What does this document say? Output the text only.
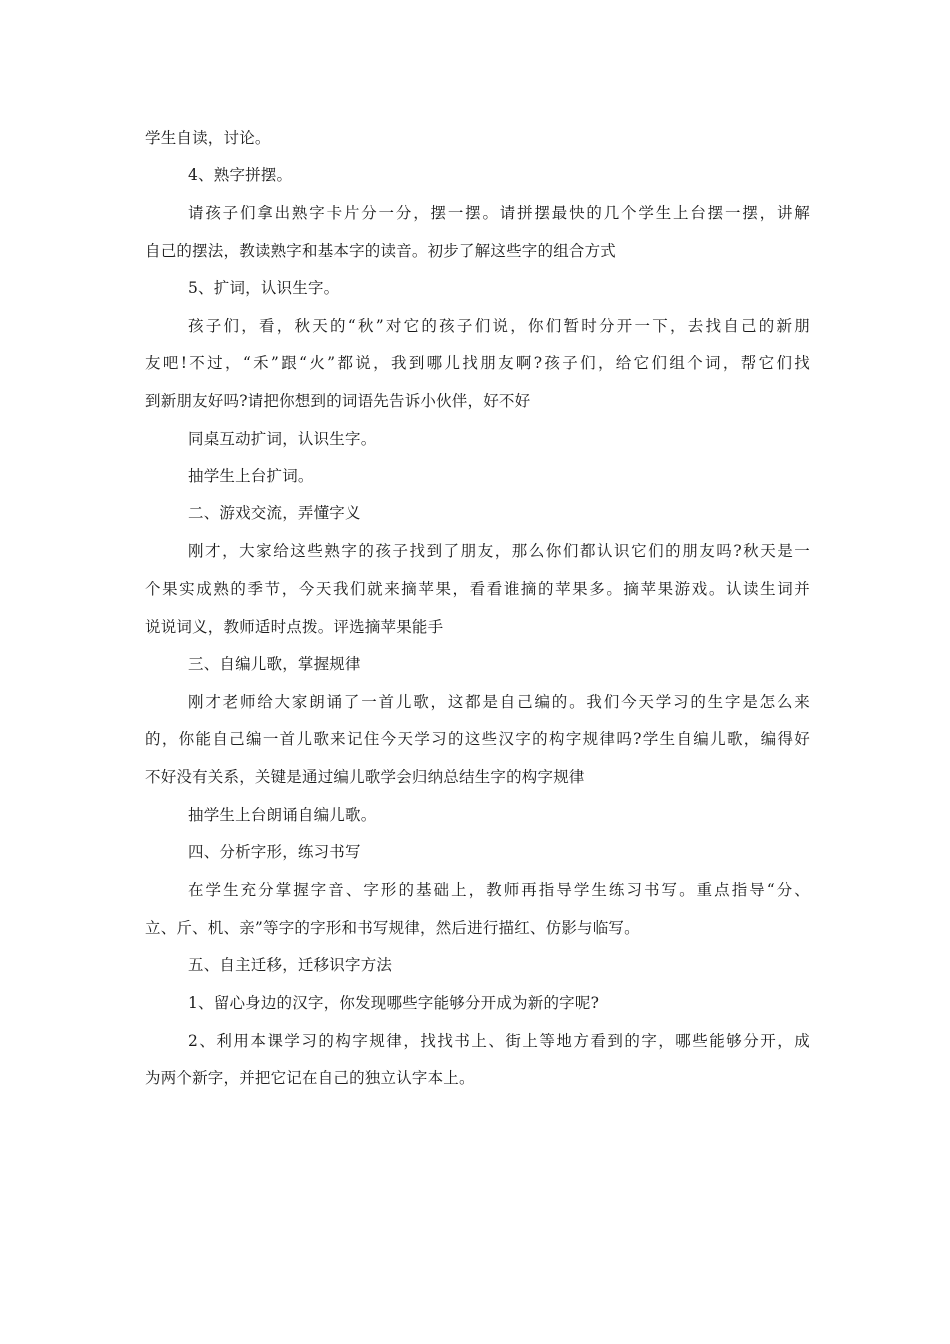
学生自读，讨论。
4、熟字拼摆。
请孩子们拿出熟字卡片分一分，摆一摆。请拼摆最快的几个学生上台摆一摆，讲解
自己的摆法，教读熟字和基本字的读音。初步了解这些字的组合方式
5、扩词，认识生字。
孩子们，看，秋天的“秋”对它的孩子们说，你们暂时分开一下，去找自己的新朋
友吧!不过，“禾”跟“火”都说，我到哪儿找朋友啊?孩子们，给它们组个词，帮它们找
到新朋友好吗?请把你想到的词语先告诉小伙伴，好不好
同桌互动扩词，认识生字。
抽学生上台扩词。
二、游戏交流，弄懂字义
刚才，大家给这些熟字的孩子找到了朋友，那么你们都认识它们的朋友吗?秋天是一
个果实成熟的季节，今天我们就来摘苹果，看看谁摘的苹果多。摘苹果游戏。认读生词并
说说词义，教师适时点拨。评选摘苹果能手
三、自编儿歌，掌握规律
刚才老师给大家朗诵了一首儿歌，这都是自己编的。我们今天学习的生字是怎么来
的，你能自己编一首儿歌来记住今天学习的这些汉字的构字规律吗?学生自编儿歌，编得好
不好没有关系，关键是通过编儿歌学会归纳总结生字的构字规律
抽学生上台朗诵自编儿歌。
四、分析字形，练习书写
在学生充分掌握字音、字形的基础上，教师再指导学生练习书写。重点指导“分、
立、斤、机、亲”等字的字形和书写规律，然后进行描红、仿影与临写。
五、自主迁移，迁移识字方法
1、留心身边的汉字，你发现哪些字能够分开成为新的字呢?
2、利用本课学习的构字规律，找找书上、街上等地方看到的字，哪些能够分开，成
为两个新字，并把它记在自己的独立认字本上。
